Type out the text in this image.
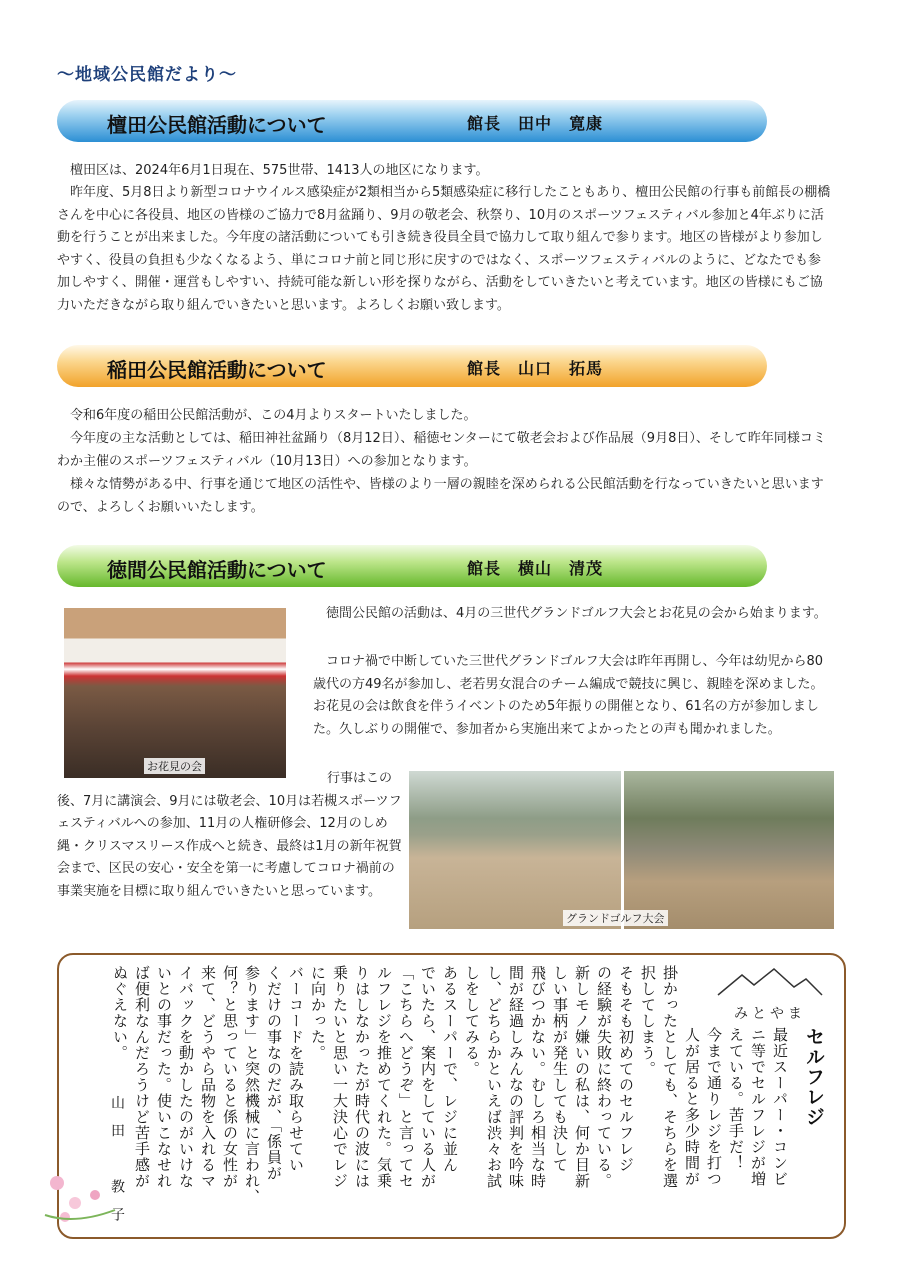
～地域公民館だより～
檀田公民館活動について	館長　田中　寛康

檀田区は、2024年6月1日現在、575世帯、1413人の地区になります。

昨年度、5月8日より新型コロナウイルス感染症が2類相当から5類感染症に移行したこともあり、檀田公民館の行事も前館長の棚橋さんを中心に各役員、地区の皆様のご協力で8月盆踊り、9月の敬老会、秋祭り、10月のスポーツフェスティバル参加と4年ぶりに活動を行うことが出来ました。今年度の諸活動についても引き続き役員全員で協力して取り組んで参ります。地区の皆様がより参加しやすく、役員の負担も少なくなるよう、単にコロナ前と同じ形に戻すのではなく、スポーツフェスティバルのように、どなたでも参加しやすく、開催・運営もしやすい、持続可能な新しい形を探りながら、活動をしていきたいと考えています。地区の皆様にもご協力いただきながら取り組んでいきたいと思います。よろしくお願い致します。

稲田公民館活動について	館長　山口　拓馬

令和6年度の稲田公民館活動が、この4月よりスタートいたしました。

今年度の主な活動としては、稲田神社盆踊り（8月12日）、稲徳センターにて敬老会および作品展（9月8日）、そして昨年同様コミわか主催のスポーツフェスティバル（10月13日）への参加となります。

様々な情勢がある中、行事を通じて地区の活性や、皆様のより一層の親睦を深められる公民館活動を行なっていきたいと思いますので、よろしくお願いいたします。

徳間公民館活動について	館長　横山　清茂
お花見の会

徳間公民館の活動は、4月の三世代グランドゴルフ大会とお花見の会から始まります。

コロナ禍で中断していた三世代グランドゴルフ大会は昨年再開し、今年は幼児から80歳代の方49名が参加し、老若男女混合のチーム編成で競技に興じ、親睦を深めました。お花見の会は飲食を伴うイベントのため5年振りの開催となり、61名の方が参加しました。久しぶりの開催で、参加者から実施出来てよかったとの声も聞かれました。

行事はこの後、7月に講演会、9月には敬老会、10月は若槻スポーツフェスティバルへの参加、11月の人権研修会、12月のしめ縄・クリスマスリース作成へと続き、最終は1月の新年祝賀会まで、区民の安心・安全を第一に考慮してコロナ禍前の事業実施を目標に取り組んでいきたいと思っています。

グランドゴルフ大会
みとやま
セルフレジ
最近スーパー・コンビ
ニ等でセルフレジが増
えている。苦手だ！
今まで通りレジを打つ
人が居ると多少時間が
掛かったとしても、そちらを選
択してしまう。
そもそも初めてのセルフレジ
の経験が失敗に終わっている。
新しモノ嫌いの私は、何か目新
しい事柄が発生しても決して
飛びつかない。むしろ相当な時
間が経過しみんなの評判を吟味
し、どちらかといえば渋々お試
しをしてみる。
あるスーパーで、レジに並ん
でいたら、案内をしている人が
「こちらへどうぞ」と言ってセ
ルフレジを推めてくれた。気乗
りはしなかったが時代の波には
乗りたいと思い一大決心でレジ
に向かった。
バーコードを読み取らせてい
くだけの事なのだが、「係員が
参ります」と突然機械に言われ、
何？と思っていると係の女性が
来て、どうやら品物を入れるマ
イバックを動かしたのがいけな
いとの事だった。使いこなせれ
ば便利なんだろうけど苦手感が
ぬぐえない。
山田　教子
